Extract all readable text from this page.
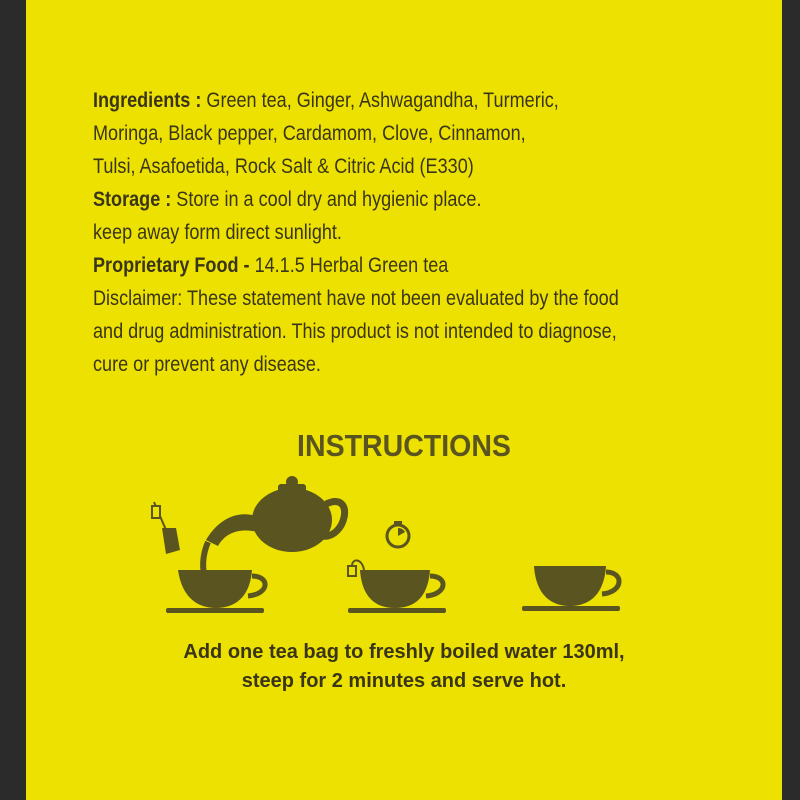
Ingredients : Green tea, Ginger, Ashwagandha, Turmeric,

Moringa, Black pepper, Cardamom, Clove, Cinnamon,

Tulsi, Asafoetida, Rock Salt & Citric Acid (E330)

Storage : Store in a cool dry and hygienic place.

keep away form direct sunlight.

Proprietary Food - 14.1.5 Herbal Green tea

Disclaimer: These statement have not been evaluated by the food

and drug administration. This product is not intended to diagnose,

cure or prevent any disease.

INSTRUCTIONS
Add one tea bag to freshly boiled water 130ml,
steep for 2 minutes and serve hot.
